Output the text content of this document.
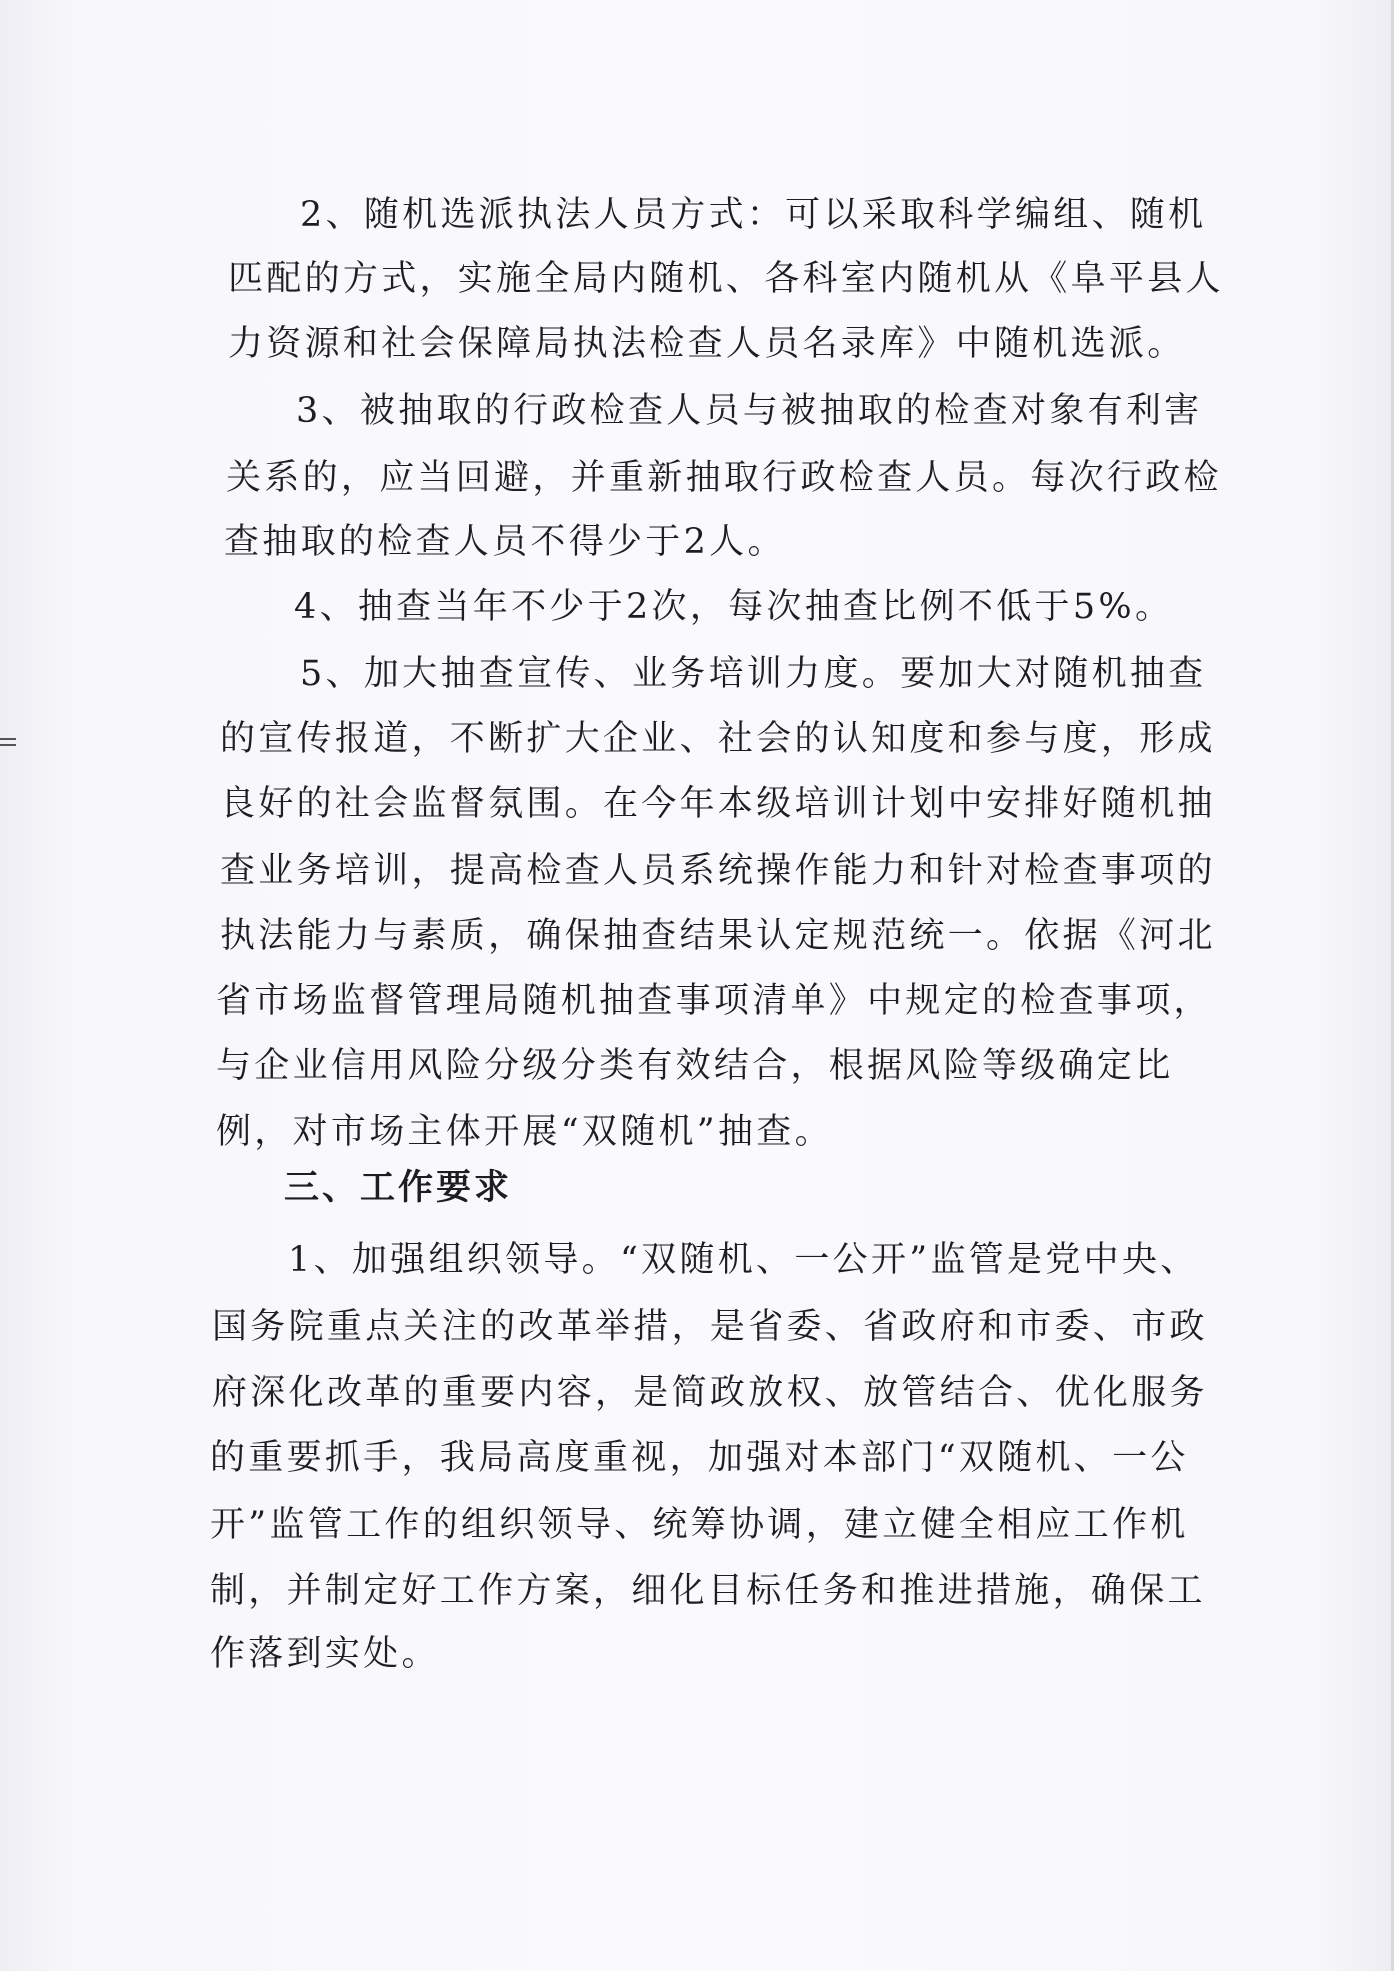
2、随机选派执法人员方式：可以采取科学编组、随机
匹配的方式，实施全局内随机、各科室内随机从《阜平县人
力资源和社会保障局执法检查人员名录库》中随机选派。
3、被抽取的行政检查人员与被抽取的检查对象有利害
关系的，应当回避，并重新抽取行政检查人员。每次行政检
查抽取的检查人员不得少于2人。
4、抽查当年不少于2次，每次抽查比例不低于5%。
5、加大抽查宣传、业务培训力度。要加大对随机抽查
的宣传报道，不断扩大企业、社会的认知度和参与度，形成
良好的社会监督氛围。在今年本级培训计划中安排好随机抽
查业务培训，提高检查人员系统操作能力和针对检查事项的
执法能力与素质，确保抽查结果认定规范统一。依据《河北
省市场监督管理局随机抽查事项清单》中规定的检查事项，
与企业信用风险分级分类有效结合，根据风险等级确定比
例，对市场主体开展“双随机”抽查。
三、工作要求
1、加强组织领导。“双随机、一公开”监管是党中央、
国务院重点关注的改革举措，是省委、省政府和市委、市政
府深化改革的重要内容，是简政放权、放管结合、优化服务
的重要抓手，我局高度重视，加强对本部门“双随机、一公
开”监管工作的组织领导、统筹协调，建立健全相应工作机
制，并制定好工作方案，细化目标任务和推进措施，确保工
作落到实处。
